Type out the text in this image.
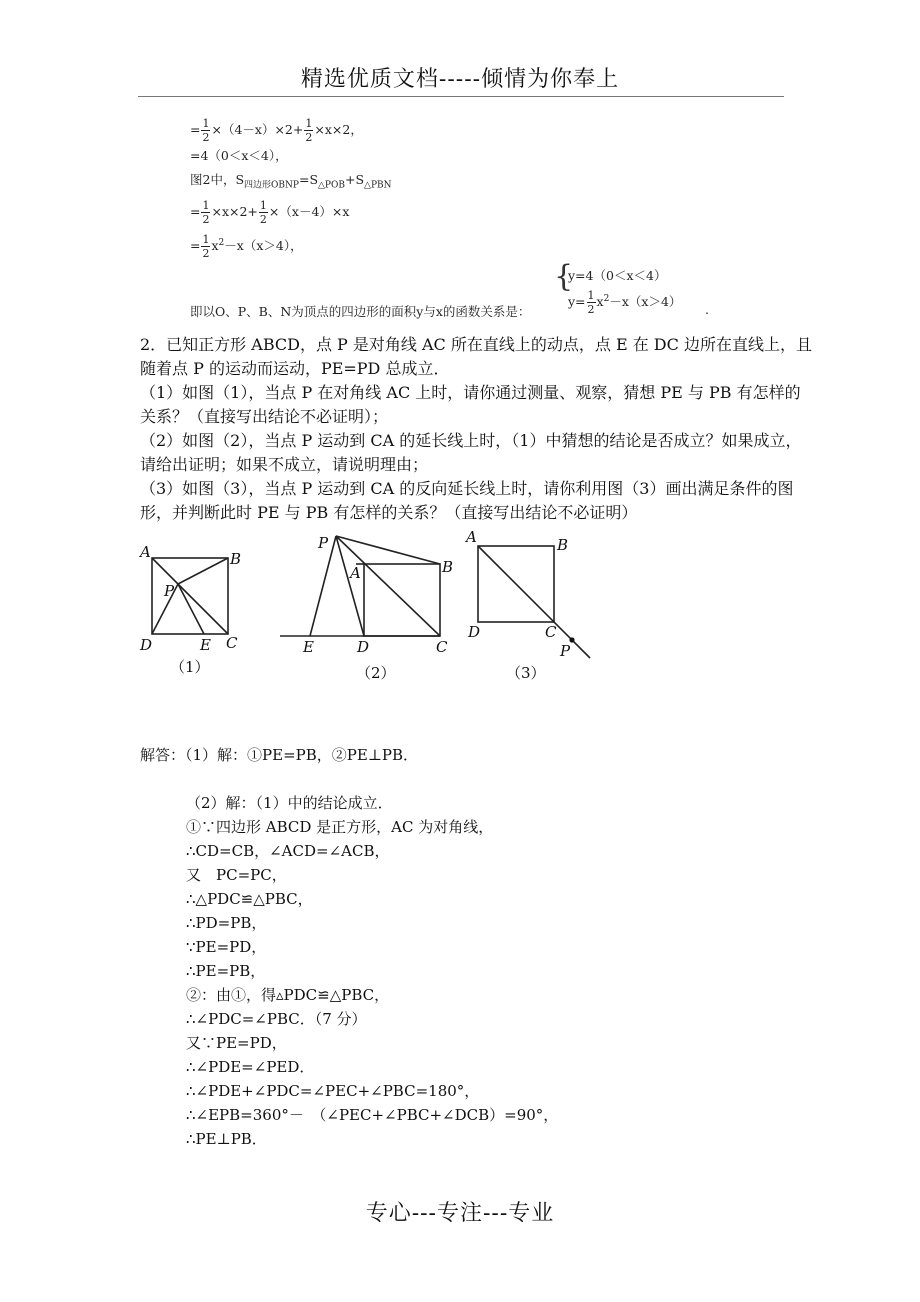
精选优质文档-----倾情为你奉上
= $\frac{1}{2} \times(4-x)\times 2+ \frac{1}{2} \times x\times 2$，
=4（0＜x＜4），
图2中，$S_{四边形OBNP}=S_{\triangle POB}+S_{\triangle PBN}$
= $\frac{1}{2} \times x\times 2+ \frac{1}{2} \times(x-4)\times x$
= $\frac{1}{2} x^2-x(x>4)$，
即以O、P、B、N为顶点的四边形的面积y与x的函数关系是：
{
y=4（0＜x＜4）
$y= \frac{1}{2} x^2-x(x>4)$
.
2．已知正方形 ABCD，点 P 是对角线 AC 所在直线上的动点，点 E 在 DC 边所在直线上，且
随着点 P 的运动而运动，PE=PD 总成立．
（1）如图（1），当点 P 在对角线 AC 上时，请你通过测量、观察，猜想 PE 与 PB 有怎样的
关系？（直接写出结论不必证明）；
（2）如图（2），当点 P 运动到 CA 的延长线上时，（1）中猜想的结论是否成立？如果成立，
请给出证明；如果不成立，请说明理由；
（3）如图（3），当点 P 运动到 CA 的反向延长线上时，请你利用图（3）画出满足条件的图
形，并判断此时 PE 与 PB 有怎样的关系？（直接写出结论不必证明）
A	B
C
D	E
P
（1）
P
A	B
C
D
E
（2）
A	B
C
D
P
（3）
解答：（1）解：①PE=PB，②PE⊥PB．
（2）解：（1）中的结论成立．
①∵四边形 ABCD 是正方形，AC 为对角线，
∴CD=CB，∠ACD=∠ACB，
又　PC=PC，
∴△PDC≌△PBC，
∴PD=PB，
∵PE=PD，
∴PE=PB，
②：由①，得▵PDC≌△PBC，
∴∠PDC=∠PBC．（7 分）
又∵PE=PD，
∴∠PDE=∠PED．
∴∠PDE+∠PDC=∠PEC+∠PBC=180°，
∴∠EPB=360°－　（∠PEC+∠PBC+∠DCB）=90°，
∴PE⊥PB．
专心---专注---专业
